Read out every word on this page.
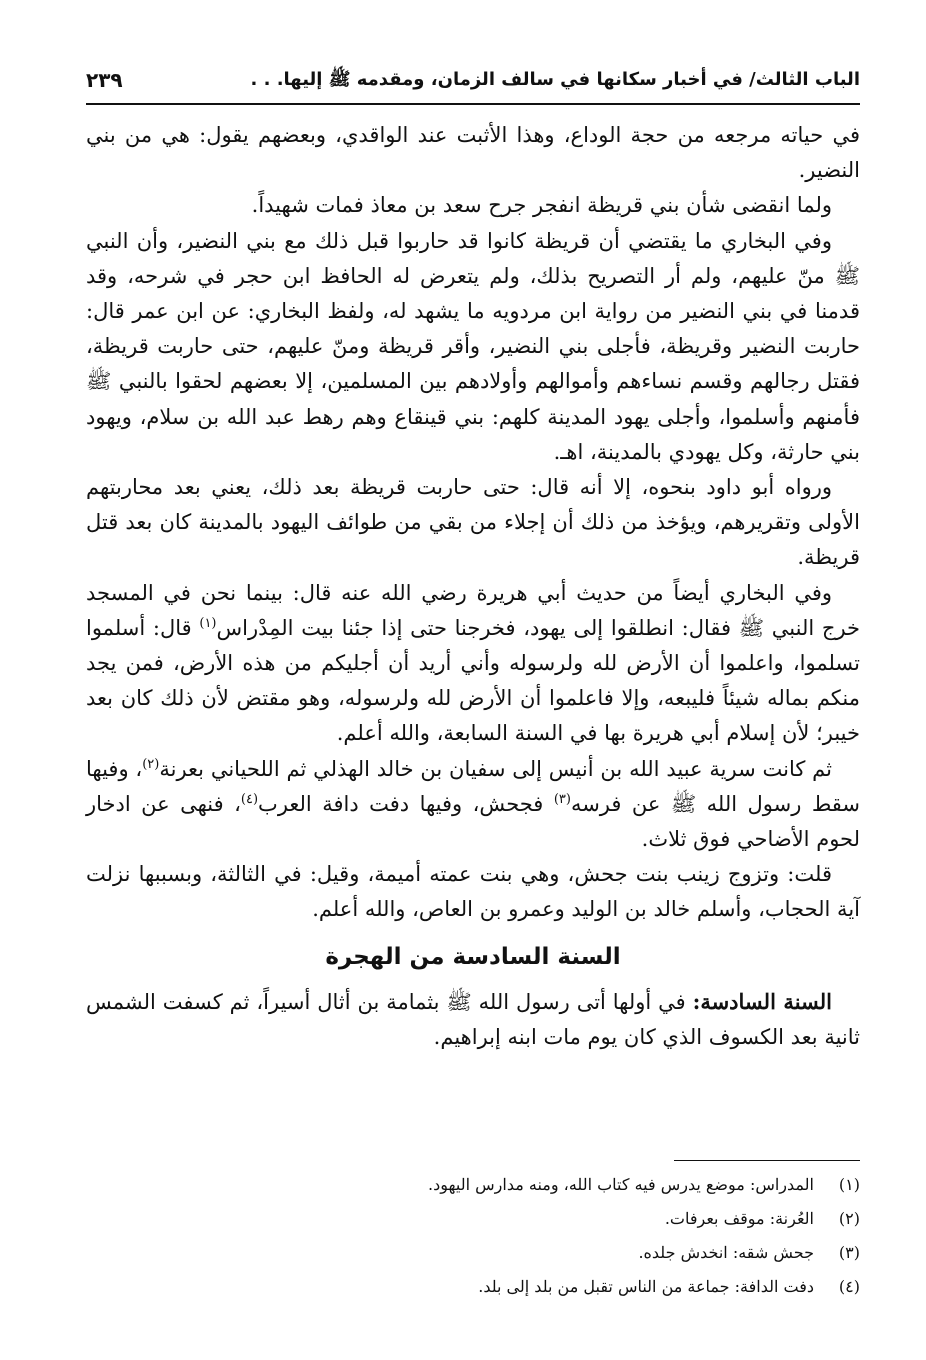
الباب الثالث/ في أخبار سكانها في سالف الزمان، ومقدمه ﷺ إليها. . .
٢٣٩

في حياته مرجعه من حجة الوداع، وهذا الأثبت عند الواقدي، وبعضهم يقول: هي من بني النضير.

ولما انقضى شأن بني قريظة انفجر جرح سعد بن معاذ فمات شهيداً.

وفي البخاري ما يقتضي أن قريظة كانوا قد حاربوا قبل ذلك مع بني النضير، وأن النبي ﷺ منّ عليهم، ولم أر التصريح بذلك، ولم يتعرض له الحافظ ابن حجر في شرحه، وقد قدمنا في بني النضير من رواية ابن مردويه ما يشهد له، ولفظ البخاري: عن ابن عمر قال: حاربت النضير وقريظة، فأجلى بني النضير، وأقر قريظة ومنّ عليهم، حتى حاربت قريظة، فقتل رجالهم وقسم نساءهم وأموالهم وأولادهم بين المسلمين، إلا بعضهم لحقوا بالنبي ﷺ فأمنهم وأسلموا، وأجلى يهود المدينة كلهم: بني قينقاع وهم رهط عبد الله بن سلام، ويهود بني حارثة، وكل يهودي بالمدينة، اهـ.

ورواه أبو داود بنحوه، إلا أنه قال: حتى حاربت قريظة بعد ذلك، يعني بعد محاربتهم الأولى وتقريرهم، ويؤخذ من ذلك أن إجلاء من بقي من طوائف اليهود بالمدينة كان بعد قتل قريظة.

وفي البخاري أيضاً من حديث أبي هريرة رضي الله عنه قال: بينما نحن في المسجد خرج النبي ﷺ فقال: انطلقوا إلى يهود، فخرجنا حتى إذا جئنا بيت المِدْراس$^{(١)}$ قال: أسلموا تسلموا، واعلموا أن الأرض لله ولرسوله وأني أريد أن أجليكم من هذه الأرض، فمن يجد منكم بماله شيئاً فليبعه، وإلا فاعلموا أن الأرض لله ولرسوله، وهو مقتض لأن ذلك كان بعد خيبر؛ لأن إسلام أبي هريرة بها في السنة السابعة، والله أعلم.

ثم كانت سرية عبيد الله بن أنيس إلى سفيان بن خالد الهذلي ثم اللحياني بعرنة$^{(٢)}$، وفيها سقط رسول الله ﷺ عن فرسه$^{(٣)}$ فجحش، وفيها دفت دافة العرب$^{(٤)}$، فنهى عن ادخار لحوم الأضاحي فوق ثلاث.

قلت: وتزوج زينب بنت جحش، وهي بنت عمته أميمة، وقيل: في الثالثة، وبسببها نزلت آية الحجاب، وأسلم خالد بن الوليد وعمرو بن العاص، والله أعلم.

السنة السادسة من الهجرة

السنة السادسة: في أولها أتى رسول الله ﷺ بثمامة بن أثال أسيراً، ثم كسفت الشمس ثانية بعد الكسوف الذي كان يوم مات ابنه إبراهيم.

(١)
المدراس: موضع يدرس فيه كتاب الله، ومنه مدارس اليهود.
(٢)
العُرنة: موقف بعرفات.
(٣)
جحش شقه: انخدش جلده.
(٤)
دفت الدافة: جماعة من الناس تقبل من بلد إلى بلد.
